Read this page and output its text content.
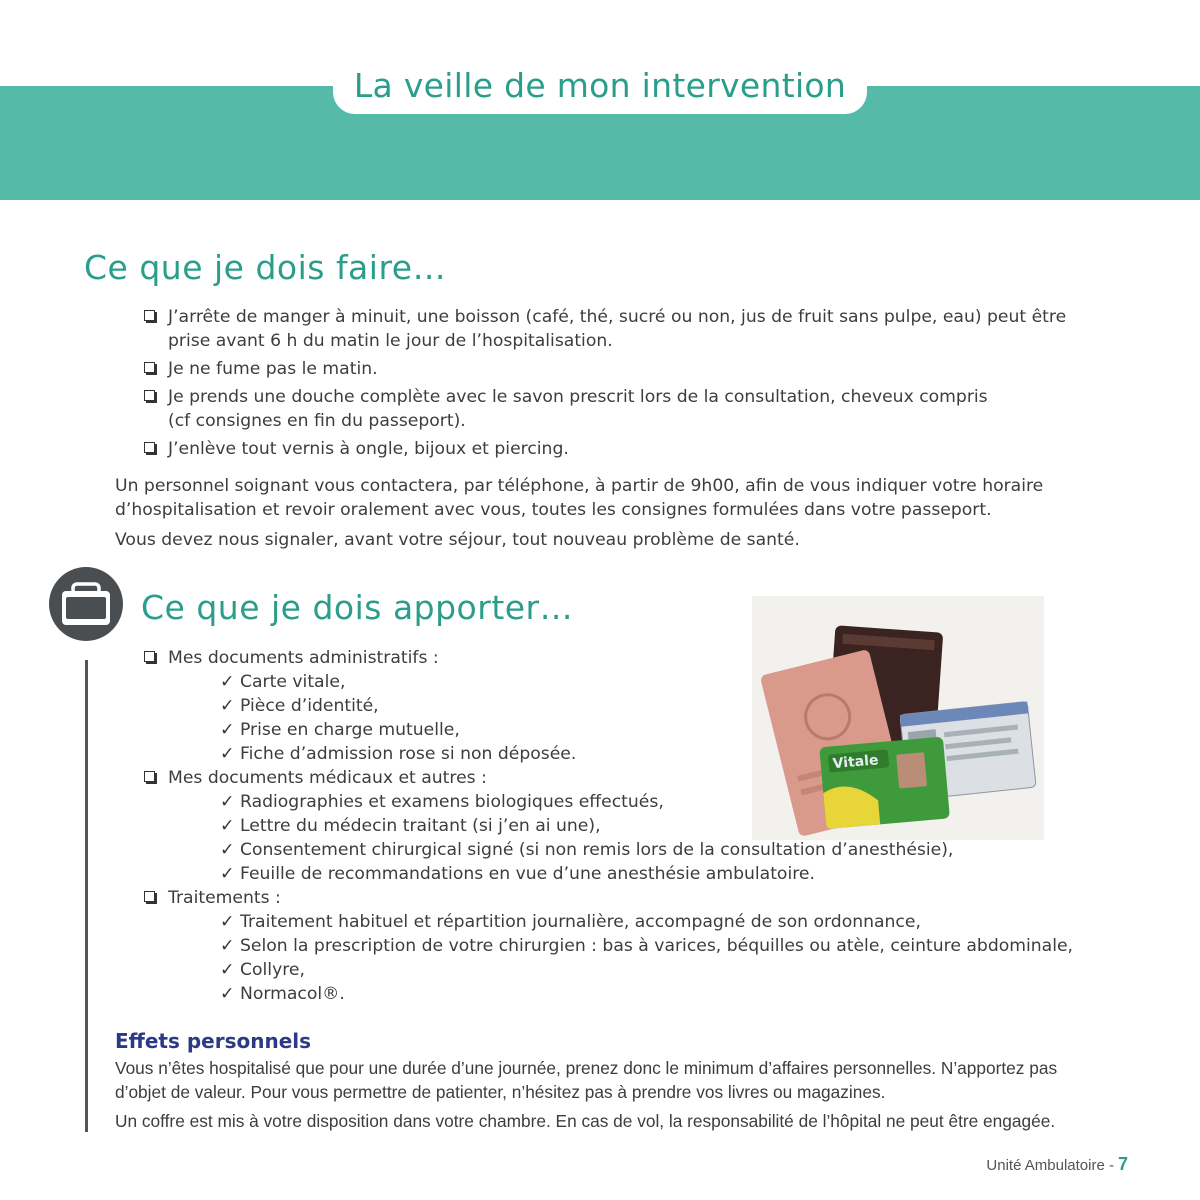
La veille de mon intervention
Ce que je dois faire…
J’arrête de manger à minuit, une boisson (café, thé, sucré ou non, jus de fruit sans pulpe, eau) peut être
prise avant 6 h du matin le jour de l’hospitalisation.
Je ne fume pas le matin.
Je prends une douche complète avec le savon prescrit lors de la consultation, cheveux compris
(cf consignes en fin du passeport).
J’enlève tout vernis à ongle, bijoux et piercing.
Un personnel soignant vous contactera, par téléphone, à partir de 9h00, afin de vous indiquer votre horaire d’hospitalisation et revoir oralement avec vous, toutes les consignes formulées dans votre passeport.
Vous devez nous signaler, avant votre séjour, tout nouveau problème de santé.
Ce que je dois apporter…
Vitale
Mes documents administratifs :
✓ Carte vitale,
✓ Pièce d’identité,
✓ Prise en charge mutuelle,
✓ Fiche d’admission rose si non déposée.
Mes documents médicaux et autres :
✓ Radiographies et examens biologiques effectués,
✓ Lettre du médecin traitant (si j’en ai une),
✓ Consentement chirurgical signé (si non remis lors de la consultation d’anesthésie),
✓ Feuille de recommandations en vue d’une anesthésie ambulatoire.
Traitements :
✓ Traitement habituel et répartition journalière, accompagné de son ordonnance,
✓ Selon la prescription de votre chirurgien : bas à varices, béquilles ou atèle, ceinture abdominale,
✓ Collyre,
✓ Normacol®.
Effets personnels

Vous n’êtes hospitalisé que pour une durée d’une journée, prenez donc le minimum d’affaires personnelles. N’apportez pas d’objet de valeur. Pour vous permettre de patienter, n’hésitez pas à prendre vos livres ou magazines.

Un coffre est mis à votre disposition dans votre chambre. En cas de vol, la responsabilité de l’hôpital ne peut être engagée.

Unité Ambulatoire - 7
